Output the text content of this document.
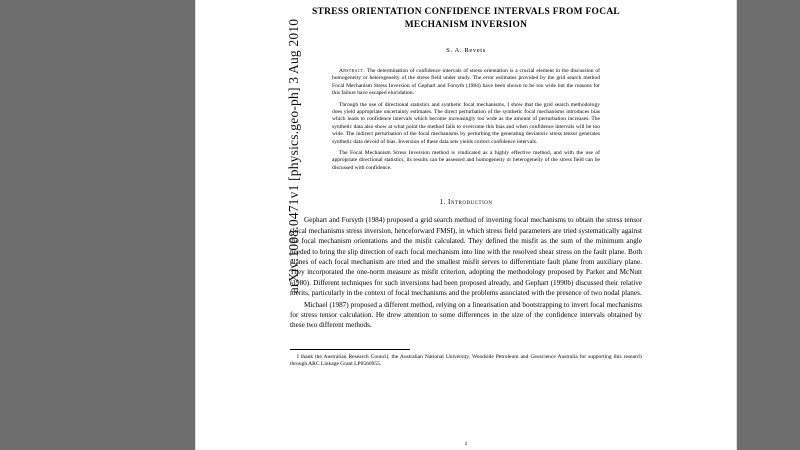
STRESS ORIENTATION CONFIDENCE INTERVALS FROM FOCAL MECHANISM INVERSION
S. A. Revets

Abstract. The determination of confidence intervals of stress orientation is a crucial element in the discussion of homogeneity or heterogeneity of the stress field under study. The error estimates provided by the grid search method Focal Mechanism Stress Inversion of Gephart and Forsyth (1984) have been shown to be too wide but the reasons for this failure have escaped elucidation.

Through the use of directional statistics and synthetic focal mechanisms, I show that the grid search methodology does yield appropriate uncertainty estimates. The direct perturbation of the synthetic focal mechanisms introduces bias which leads to confidence intervals which become increasingly too wide as the amount of perturbation increases. The synthetic data also show at what point the method fails to overcome this bias and when confidence intervals will be too wide. The indirect perturbation of the focal mechanisms by perturbing the generating deviatoric stress tensor generates synthetic data devoid of bias. Inversion of these data sets yields correct confidence intervals.

The Focal Mechanism Stress Inversion method is vindicated as a highly effective method, and with the use of appropriate directional statistics, its results can be assessed and homogeneity or heterogeneity of the stress field can be discussed with confidence.

1. Introduction

Gephart and Forsyth (1984) proposed a grid search method of inverting focal mechanisms to obtain the stress tensor (focal mechanisms stress inversion, henceforward FMSI), in which stress field parameters are tried systematically against the focal mechanism orientations and the misfit calculated. They defined the misfit as the sum of the minimum angle needed to bring the slip direction of each focal mechanism into line with the resolved shear stress on the fault plane. Both planes of each focal mechanism are tried and the smallest misfit serves to differentiate fault plane from auxiliary plane. They incorporated the one-norm measure as misfit criterion, adopting the methodology proposed by Parker and McNutt (1980). Different techniques for such inversions had been proposed already, and Gephart (1990b) discussed their relative merits, particularly in the context of focal mechanisms and the problems associated with the presence of two nodal planes.

Michael (1987) proposed a different method, relying on a linearisation and bootstrapping to invert focal mechanisms for stress tensor calculation. He drew attention to some differences in the size of the confidence intervals obtained by these two different methods.

I thank the Australian Research Council, the Australian National University, Woodside Petroleum and Geoscience Australia for supporting this research through ARC Linkage Grant LP0560955.

1
arXiv:1008.0471v1 [physics.geo-ph] 3 Aug 2010
